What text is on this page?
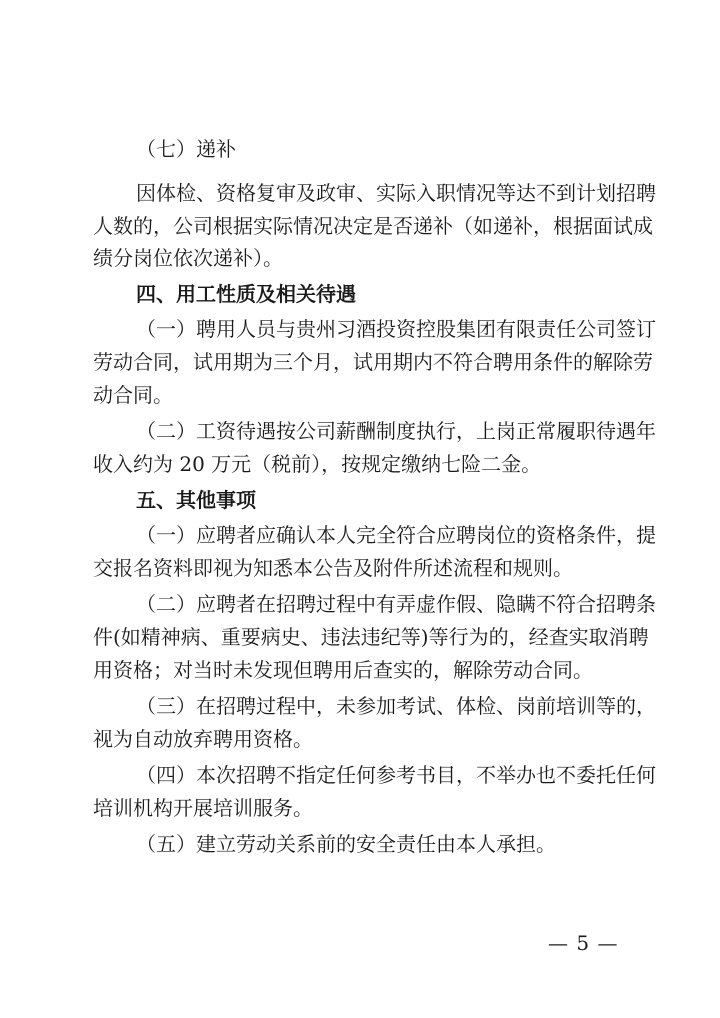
（七）递补
因体检、资格复审及政审、实际入职情况等达不到计划招聘
人数的，公司根据实际情况决定是否递补（如递补，根据面试成
绩分岗位依次递补）。
四、用工性质及相关待遇
（一）聘用人员与贵州习酒投资控股集团有限责任公司签订
劳动合同，试用期为三个月，试用期内不符合聘用条件的解除劳
动合同。
（二）工资待遇按公司薪酬制度执行，上岗正常履职待遇年
收入约为 20 万元（税前），按规定缴纳七险二金。
五、其他事项
（一）应聘者应确认本人完全符合应聘岗位的资格条件，提
交报名资料即视为知悉本公告及附件所述流程和规则。
（二）应聘者在招聘过程中有弄虚作假、隐瞒不符合招聘条
件(如精神病、重要病史、违法违纪等)等行为的，经查实取消聘
用资格；对当时未发现但聘用后查实的，解除劳动合同。
（三）在招聘过程中，未参加考试、体检、岗前培训等的，
视为自动放弃聘用资格。
（四）本次招聘不指定任何参考书目，不举办也不委托任何
培训机构开展培训服务。
（五）建立劳动关系前的安全责任由本人承担。
— 5 —
